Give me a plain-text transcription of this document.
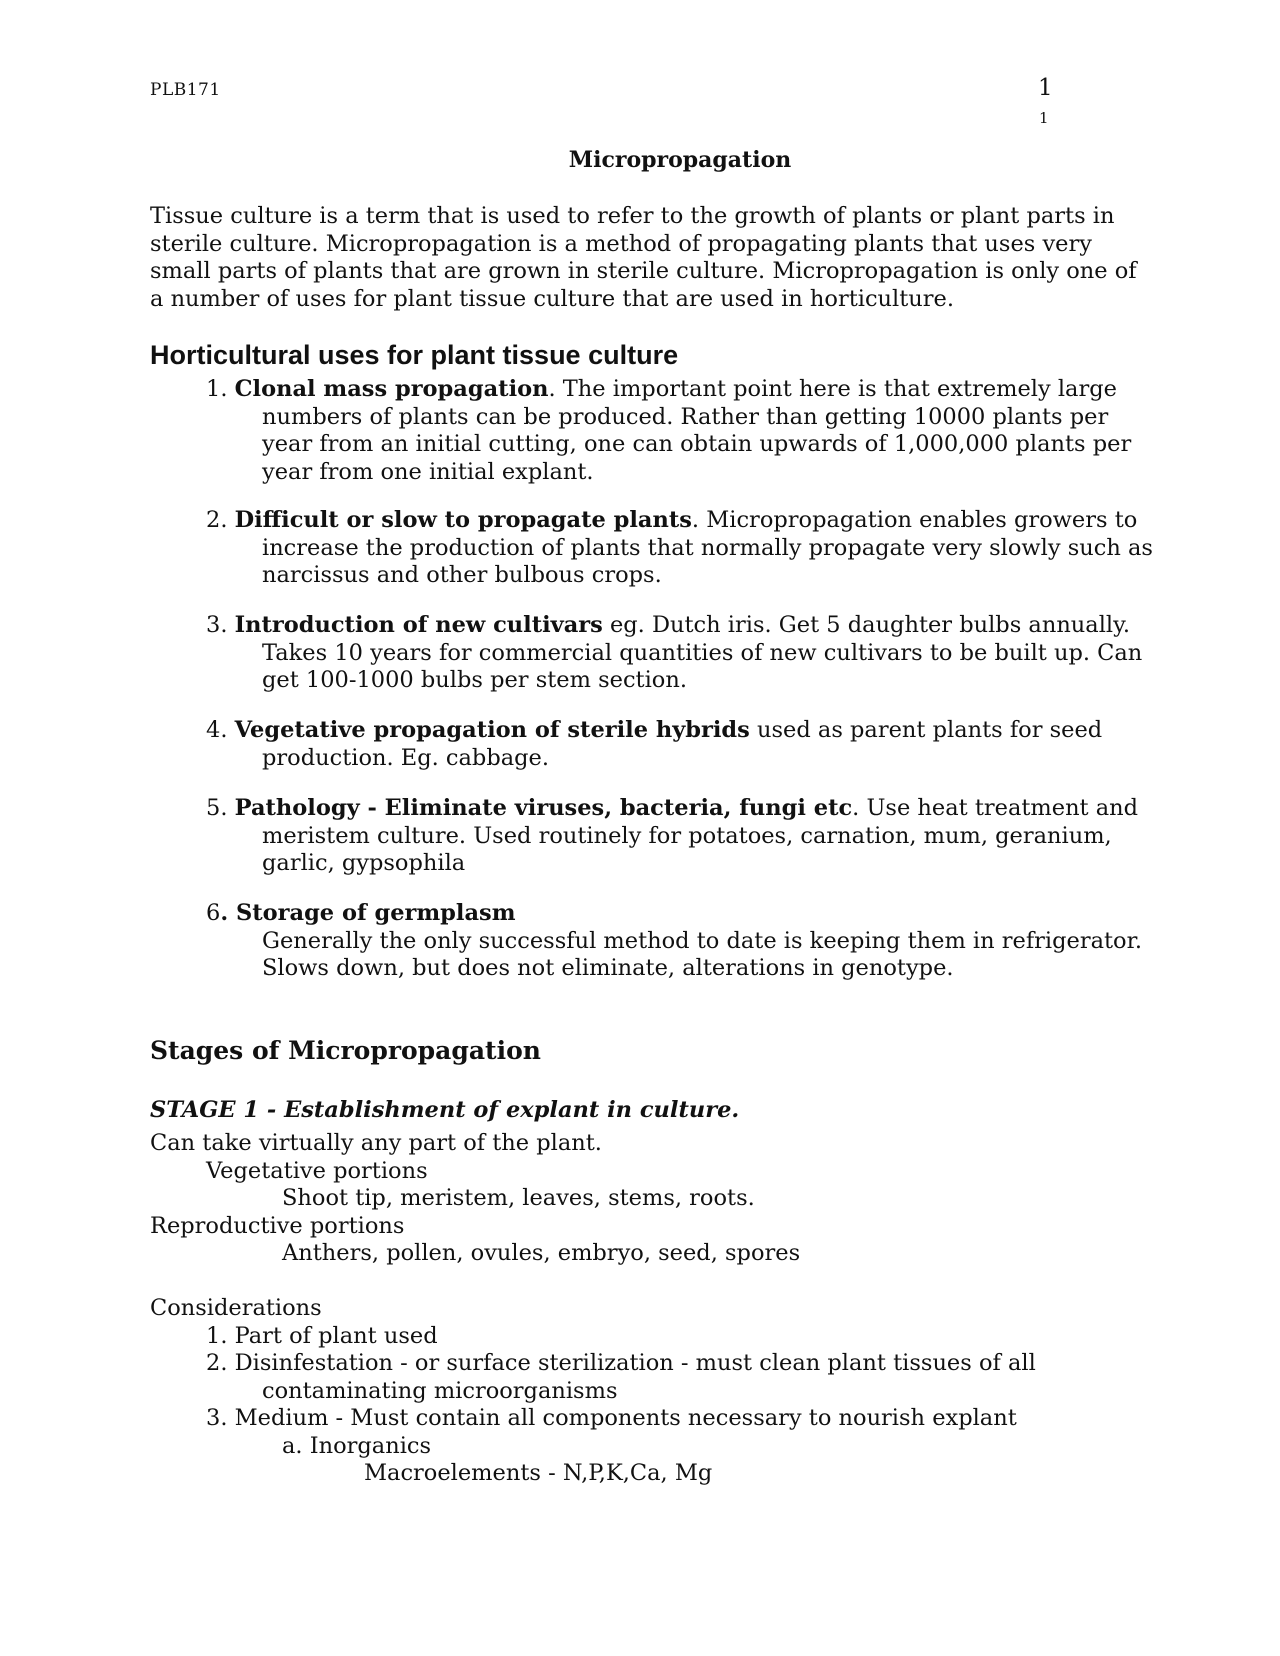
PLB171	1
1
Micropropagation
Tissue culture is a term that is used to refer to the growth of plants or plant parts in sterile culture. Micropropagation is a method of propagating plants that uses very small parts of plants that are grown in sterile culture. Micropropagation is only one of a number of uses for plant tissue culture that are used in horticulture.
Horticultural uses for plant tissue culture
1. Clonal mass propagation. The important point here is that extremely large
numbers of plants can be produced. Rather than getting 10000 plants per year from an initial cutting, one can obtain upwards of 1,000,000 plants per year from one initial explant.
2. Difficult or slow to propagate plants. Micropropagation enables growers to
increase the production of plants that normally propagate very slowly such as narcissus and other bulbous crops.
3. Introduction of new cultivars eg. Dutch iris. Get 5 daughter bulbs annually.
Takes 10 years for commercial quantities of new cultivars to be built up. Can get 100-1000 bulbs per stem section.
4. Vegetative propagation of sterile hybrids used as parent plants for seed
production. Eg. cabbage.
5. Pathology - Eliminate viruses, bacteria, fungi etc. Use heat treatment and
meristem culture. Used routinely for potatoes, carnation, mum, geranium, garlic, gypsophila
6. Storage of germplasm
Generally the only successful method to date is keeping them in refrigerator. Slows down, but does not eliminate, alterations in genotype.
Stages of Micropropagation
STAGE 1 - Establishment of explant in culture.
Can take virtually any part of the plant.
Vegetative portions
Shoot tip, meristem, leaves, stems, roots.
Reproductive portions
Anthers, pollen, ovules, embryo, seed, spores
Considerations
1. Part of plant used
2. Disinfestation - or surface sterilization - must clean plant tissues of all
contaminating microorganisms
3. Medium - Must contain all components necessary to nourish explant
a. Inorganics
Macroelements - N,P,K,Ca, Mg
